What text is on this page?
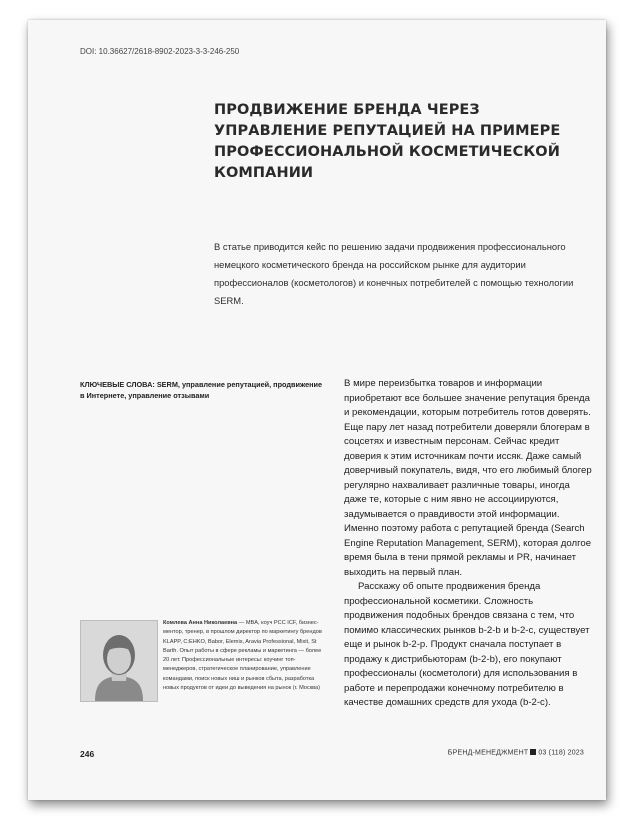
DOI: 10.36627/2618-8902-2023-3-3-246-250
ПРОДВИЖЕНИЕ БРЕНДА ЧЕРЕЗ УПРАВЛЕНИЕ РЕПУТАЦИЕЙ НА ПРИМЕРЕ ПРОФЕССИОНАЛЬНОЙ КОСМЕТИЧЕСКОЙ КОМПАНИИ

В статье приводится кейс по решению задачи продвижения профессионального немецкого косметического бренда на российском рынке для аудитории профессионалов (косметологов) и конечных потребителей с помощью технологии SERM.

КЛЮЧЕВЫЕ СЛОВА: SERM, управление репутацией, продвижение в Интернете, управление отзывами

В мире переизбытка товаров и информации приобретают все большее значение репутация бренда и рекомендации, которым потребитель готов доверять. Еще пару лет назад потребители доверяли блогерам в соцсетях и известным персонам. Сейчас кредит доверия к этим источникам почти иссяк. Даже самый доверчивый покупатель, видя, что его любимый блогер регулярно нахваливает различные товары, иногда даже те, которые с ним явно не ассоциируются, задумывается о правдивости этой информации. Именно поэтому работа с репутацией бренда (Search Engine Reputation Management, SERM), которая долгое время была в тени прямой рекламы и PR, начинает выходить на первый план.

Расскажу об опыте продвижения бренда профессиональной косметики. Сложность продвижения подобных брендов связана с тем, что помимо классических рынков b-2-b и b-2-c, существует еще и рынок b-2-p. Продукт сначала поступает в продажу к дистрибьюторам (b-2-b), его покупают профессионалы (косметологи) для использования в работе и перепродажи конечному потребителю в качестве домашних средств для ухода (b-2-c).

Комлева Анна Николаевна — MBA, коуч PCC ICF, бизнес-ментор, тренер, в прошлом директор по маркетингу брендов KLAPP, C:EHKO, Babor, Elemis, Aravia Professional, Mixit, St Barth. Опыт работы в сфере рекламы и маркетинга — более 20 лет. Профессиональные интересы: коучинг топ-менеджеров, стратегическое планирование, управление командами, поиск новых ниш и рынков сбыта, разработка новых продуктов от идеи до выведения на рынок (г. Москва)

246	БРЕНД-МЕНЕДЖМЕНТ 03 (118) 2023
